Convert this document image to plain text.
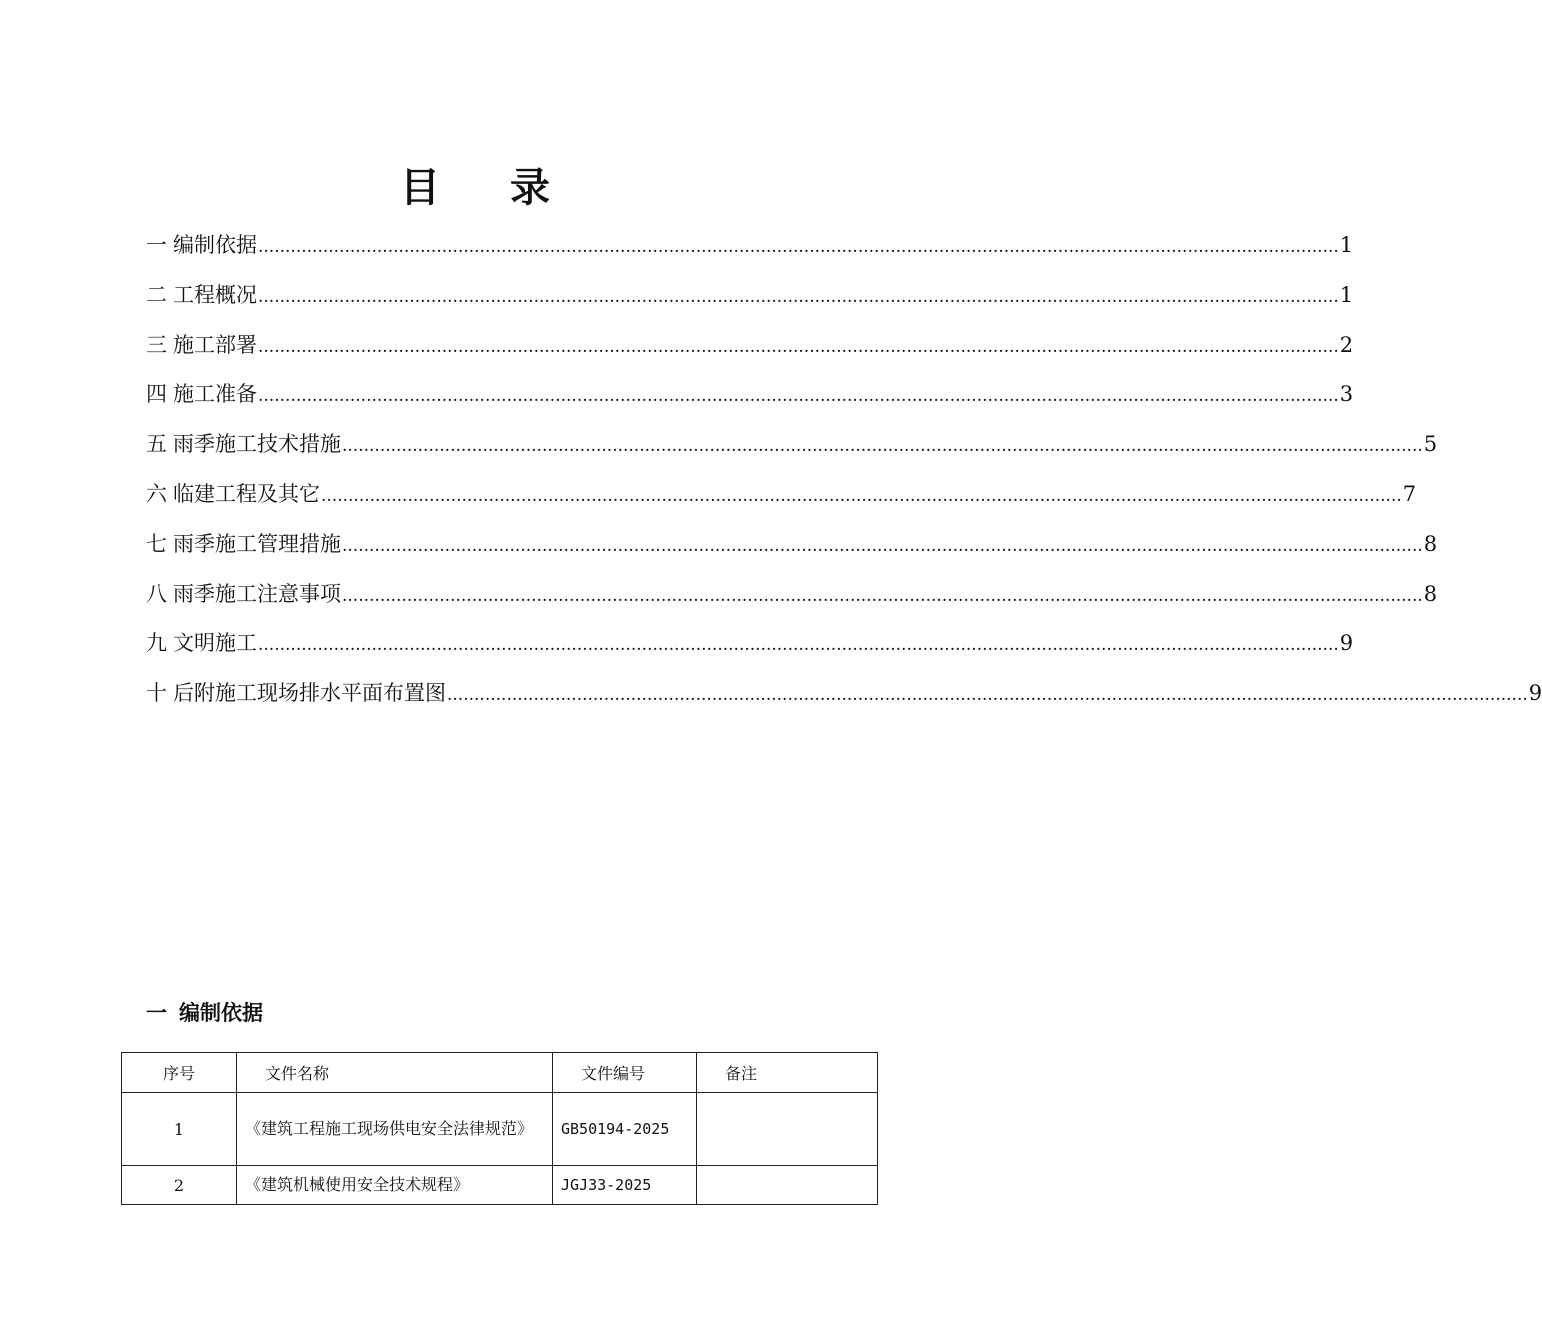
目 录
一 编制依据 ........................................................................................................................................................................................................ 1
二 工程概况 ........................................................................................................................................................................................................ 1
三 施工部署 ........................................................................................................................................................................................................ 2
四 施工准备 ........................................................................................................................................................................................................ 3
五 雨季施工技术措施 ........................................................................................................................................................................................................ 5
六 临建工程及其它 ........................................................................................................................................................................................................ 7
七 雨季施工管理措施 ........................................................................................................................................................................................................ 8
八 雨季施工注意事项 ........................................................................................................................................................................................................ 8
九 文明施工 ........................................................................................................................................................................................................ 9
十 后附施工现场排水平面布置图 ........................................................................................................................................................................................................ 9
一 编制依据
序号	文件名称	文件编号	备注
1	《建筑工程施工现场供电安全法律规范》	GB50194-2025	
2	《建筑机械使用安全技术规程》	JGJ33-2025	
